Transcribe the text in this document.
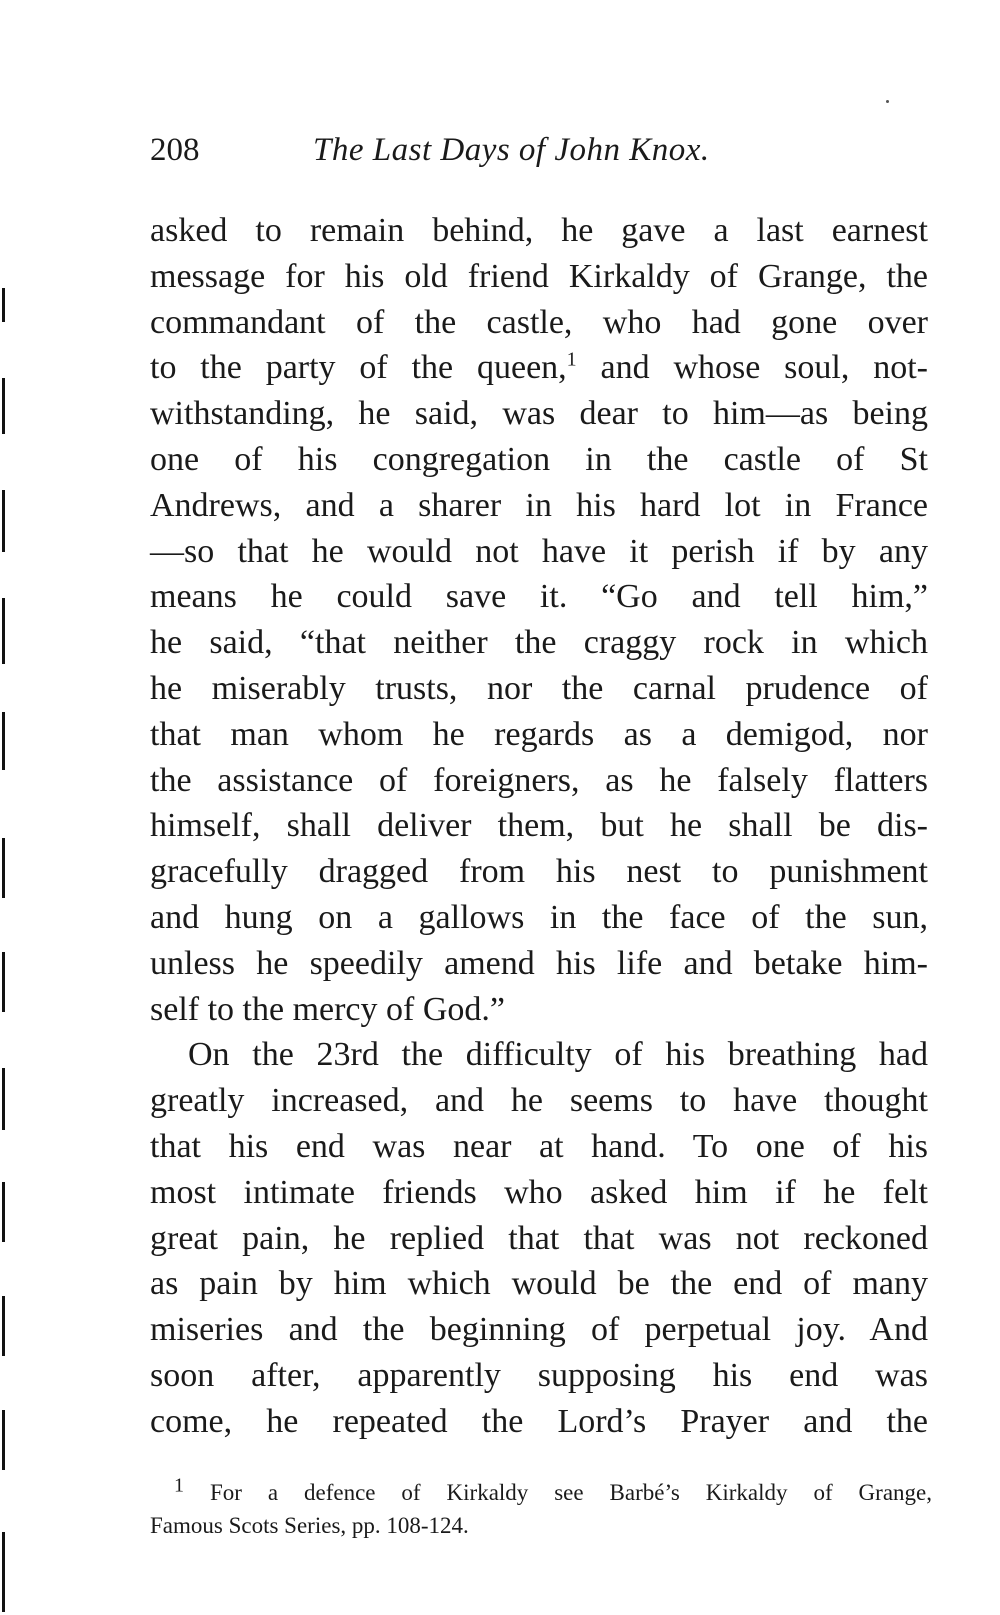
208	The Last Days of John Knox.
asked to remain behind, he gave a last earnest
message for his old friend Kirkaldy of Grange, the
commandant of the castle, who had gone over
to the party of the queen,$^1$ and whose soul, not-
withstanding, he said, was dear to him—as being
one of his congregation in the castle of St
Andrews, and a sharer in his hard lot in France
—so that he would not have it perish if by any
means he could save it. “Go and tell him,”
he said, “that neither the craggy rock in which
he miserably trusts, nor the carnal prudence of
that man whom he regards as a demigod, nor
the assistance of foreigners, as he falsely flatters
himself, shall deliver them, but he shall be dis-
gracefully dragged from his nest to punishment
and hung on a gallows in the face of the sun,
unless he speedily amend his life and betake him-
self to the mercy of God.”
On the 23rd the difficulty of his breathing had
greatly increased, and he seems to have thought
that his end was near at hand. To one of his
most intimate friends who asked him if he felt
great pain, he replied that that was not reckoned
as pain by him which would be the end of many
miseries and the beginning of perpetual joy. And
soon after, apparently supposing his end was
come, he repeated the Lord’s Prayer and the
$^1$ For a defence of Kirkaldy see Barbé’s Kirkaldy of Grange,
Famous Scots Series, pp. 108-124.
